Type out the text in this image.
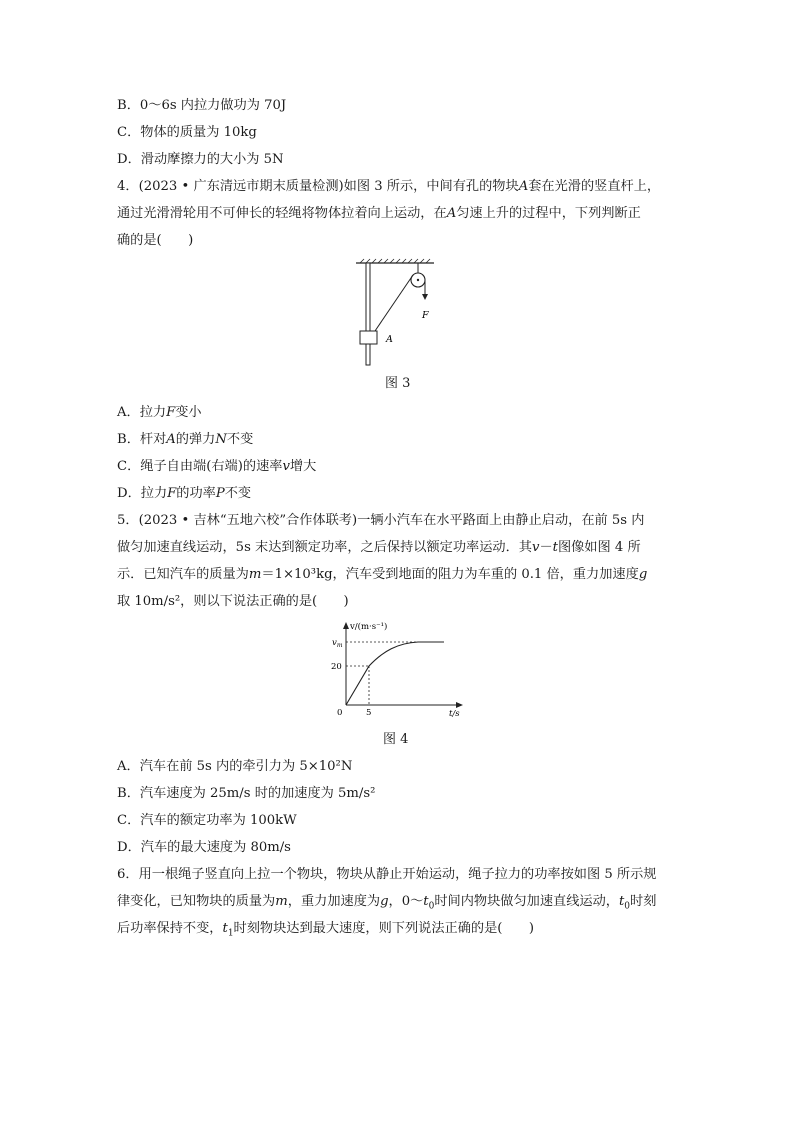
B．0～6s 内拉力做功为 70J
C．物体的质量为 10kg
D．滑动摩擦力的大小为 5N
4．(2023 • 广东清远市期末质量检测)如图 3 所示，中间有孔的物块A套在光滑的竖直杆上，
通过光滑滑轮用不可伸长的轻绳将物体拉着向上运动，在A匀速上升的过程中，下列判断正
确的是(　　)
F
A
图 3
A．拉力F变小
B．杆对A的弹力N不变
C．绳子自由端(右端)的速率v增大
D．拉力F的功率P不变
5．(2023 • 吉林“五地六校”合作体联考)一辆小汽车在水平路面上由静止启动，在前 5s 内
做匀加速直线运动，5s 末达到额定功率，之后保持以额定功率运动．其v－t图像如图 4 所
示．已知汽车的质量为m＝1×10³kg，汽车受到地面的阻力为车重的 0.1 倍，重力加速度g
取 10m/s²，则以下说法正确的是(　　)
v/(m·s⁻¹)
$v_m$
20
0	5	t/s
图 4
A．汽车在前 5s 内的牵引力为 5×10²N
B．汽车速度为 25m/s 时的加速度为 5m/s²
C．汽车的额定功率为 100kW
D．汽车的最大速度为 80m/s
6．用一根绳子竖直向上拉一个物块，物块从静止开始运动，绳子拉力的功率按如图 5 所示规
律变化，已知物块的质量为m，重力加速度为g，$0\sim t_0$时间内物块做匀加速直线运动，$t_0$时刻
后功率保持不变，$t_1$时刻物块达到最大速度，则下列说法正确的是(　　)
